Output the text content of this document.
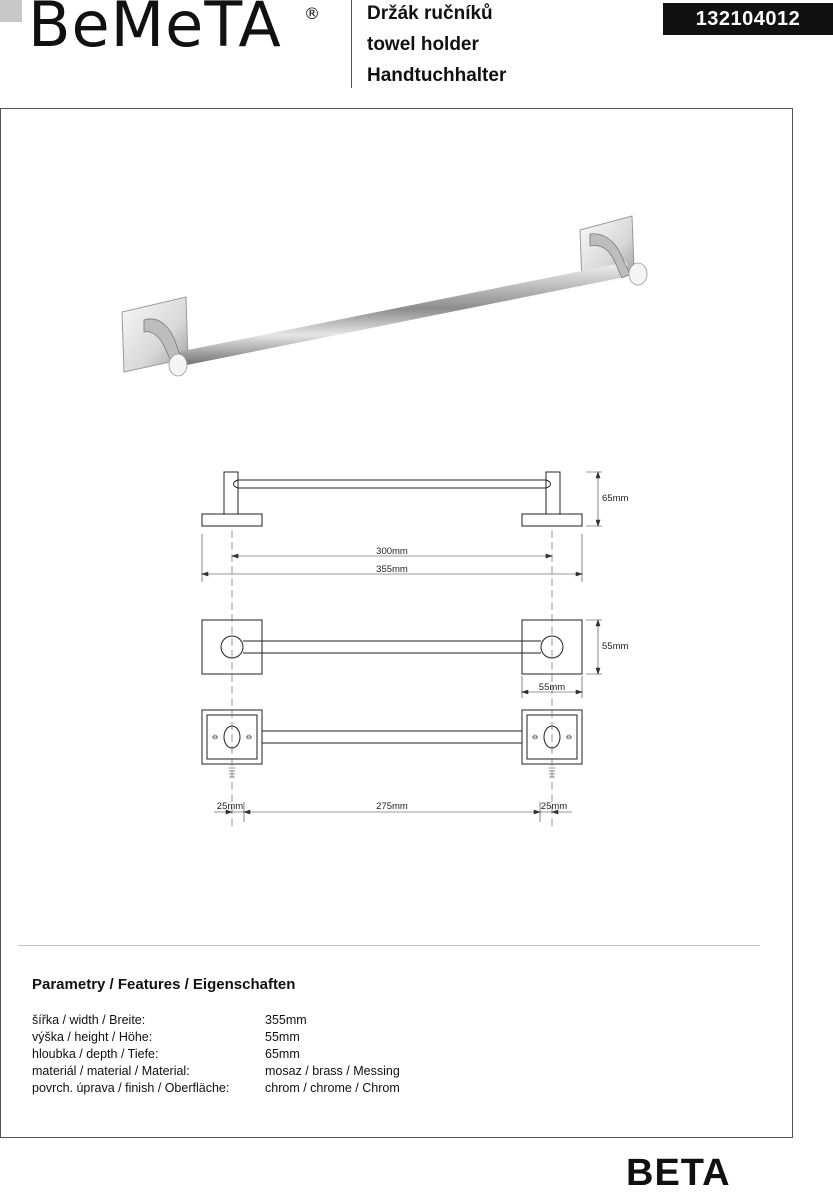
BeMeTA ® Držák ručníků
towel holder
Handtuchhalter
132104012
65mm
300mm
355mm
55mm
55mm
25mm	275mm	25mm
Parametry / Features / Eigenschaften
šířka / width / Breite:	355mm
výška / height / Höhe:	55mm
hloubka / depth / Tiefe:	65mm
materiál / material / Material:	mosaz / brass / Messing
povrch. úprava / finish / Oberfläche:	chrom / chrome / Chrom
BETA
